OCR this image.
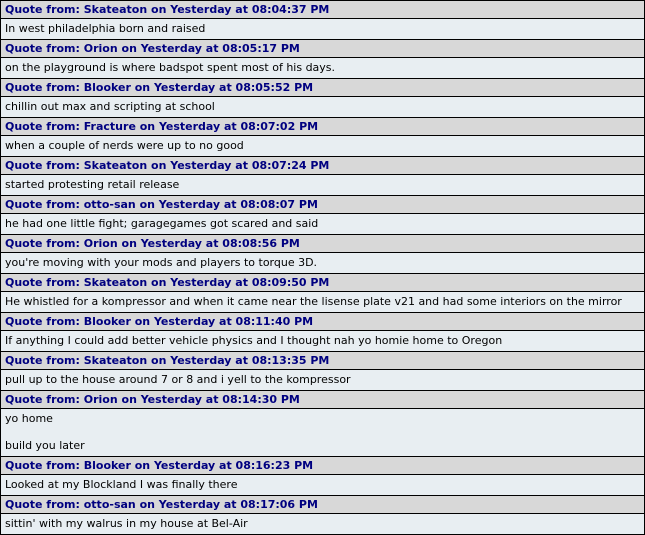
Quote from: Skateaton on Yesterday at 08:04:37 PM

In west philadelphia born and raised

Quote from: Orion on Yesterday at 08:05:17 PM

on the playground is where badspot spent most of his days.

Quote from: Blooker on Yesterday at 08:05:52 PM

chillin out max and scripting at school

Quote from: Fracture on Yesterday at 08:07:02 PM

when a couple of nerds were up to no good

Quote from: Skateaton on Yesterday at 08:07:24 PM

started protesting retail release

Quote from: otto-san on Yesterday at 08:08:07 PM

he had one little fight; garagegames got scared and said

Quote from: Orion on Yesterday at 08:08:56 PM

you're moving with your mods and players to torque 3D.

Quote from: Skateaton on Yesterday at 08:09:50 PM

He whistled for a kompressor and when it came near the lisense plate v21 and had some interiors on the mirror

Quote from: Blooker on Yesterday at 08:11:40 PM

If anything I could add better vehicle physics and I thought nah yo homie home to Oregon

Quote from: Skateaton on Yesterday at 08:13:35 PM

pull up to the house around 7 or 8 and i yell to the kompressor

Quote from: Orion on Yesterday at 08:14:30 PM

yo home

build you later

Quote from: Blooker on Yesterday at 08:16:23 PM

Looked at my Blockland I was finally there

Quote from: otto-san on Yesterday at 08:17:06 PM

sittin' with my walrus in my house at Bel-Air
